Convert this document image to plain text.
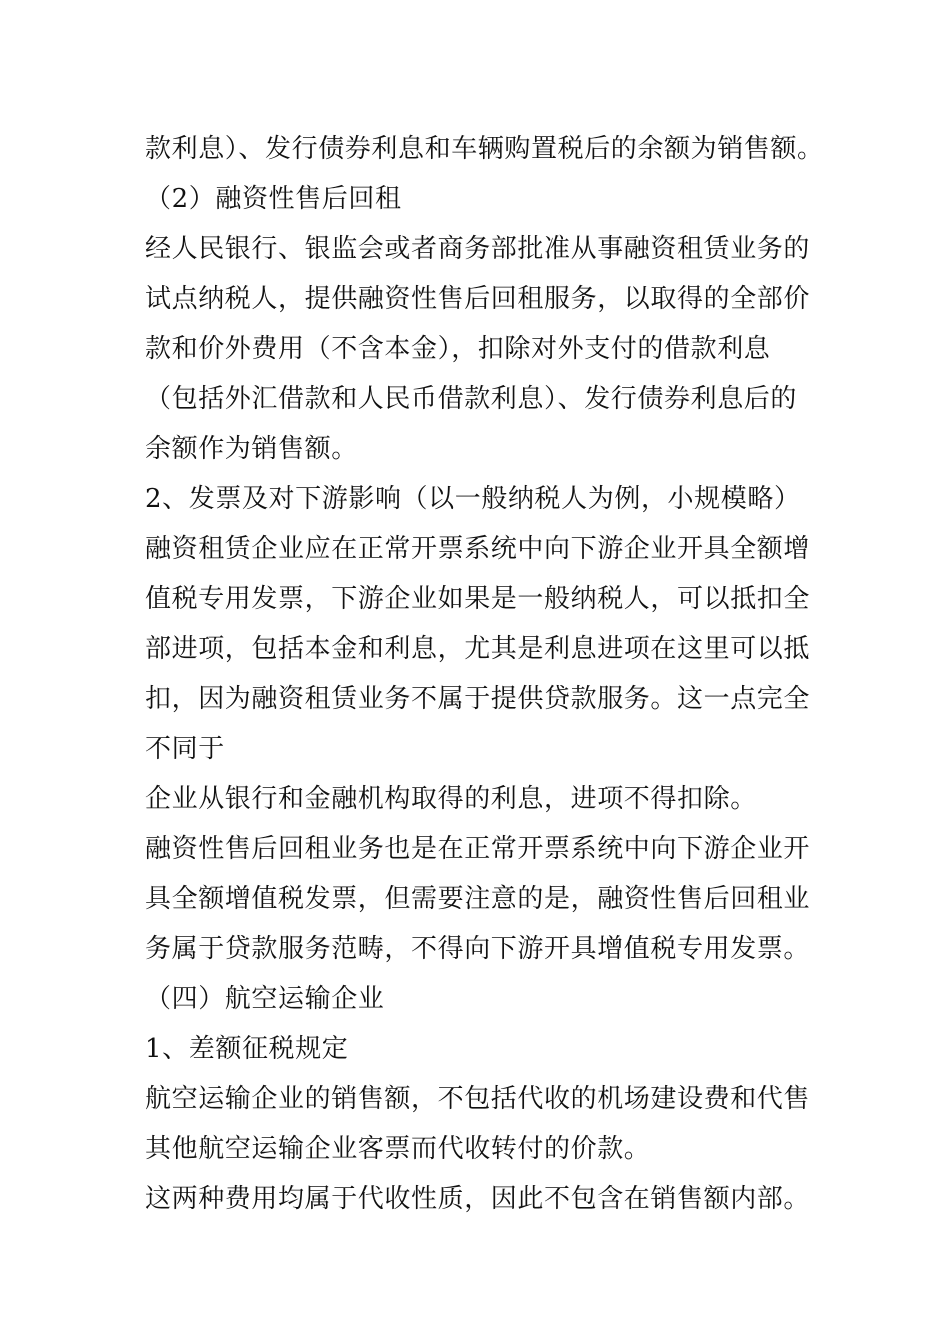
款利息）、发行债券利息和车辆购置税后的余额为销售额。
（2）融资性售后回租
经人民银行、银监会或者商务部批准从事融资租赁业务的
试点纳税人，提供融资性售后回租服务，以取得的全部价
款和价外费用（不含本金），扣除对外支付的借款利息
（包括外汇借款和人民币借款利息）、发行债券利息后的
余额作为销售额。
2、发票及对下游影响（以一般纳税人为例，小规模略）
融资租赁企业应在正常开票系统中向下游企业开具全额增
值税专用发票，下游企业如果是一般纳税人，可以抵扣全
部进项，包括本金和利息，尤其是利息进项在这里可以抵
扣，因为融资租赁业务不属于提供贷款服务。这一点完全
不同于
企业从银行和金融机构取得的利息，进项不得扣除。
融资性售后回租业务也是在正常开票系统中向下游企业开
具全额增值税发票，但需要注意的是，融资性售后回租业
务属于贷款服务范畴，不得向下游开具增值税专用发票。
（四）航空运输企业
1、差额征税规定
航空运输企业的销售额，不包括代收的机场建设费和代售
其他航空运输企业客票而代收转付的价款。
这两种费用均属于代收性质，因此不包含在销售额内部。
